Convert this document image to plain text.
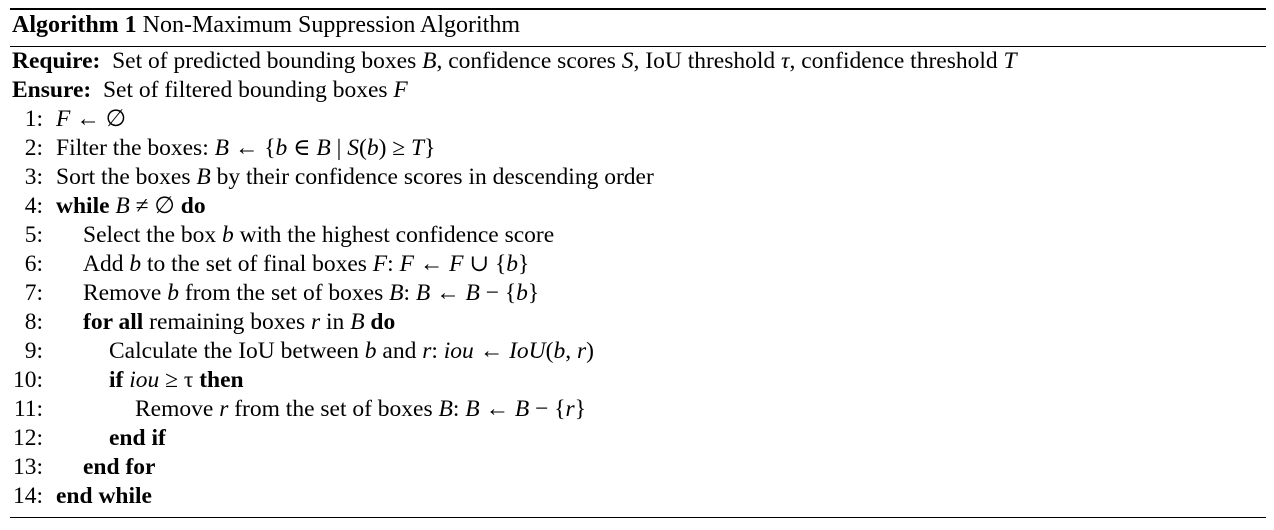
Algorithm 1 Non-Maximum Suppression Algorithm
Require: Set of predicted bounding boxes B, confidence scores S, IoU threshold τ, confidence threshold T
Ensure: Set of filtered bounding boxes F
1: F ← ∅
2: Filter the boxes: B ← {b ∈ B | S(b) ≥ T}
3: Sort the boxes B by their confidence scores in descending order
4: while B ≠ ∅ do
5: Select the box b with the highest confidence score
6: Add b to the set of final boxes F: F ← F ∪ {b}
7: Remove b from the set of boxes B: B ← B − {b}
8: for all remaining boxes r in B do
9:	Calculate the IoU between b and r: iou ← IoU(b, r)
10:	if iou ≥ τ then
11:	Remove r from the set of boxes B: B ← B − {r}
12:	end if
13: end for
14: end while
